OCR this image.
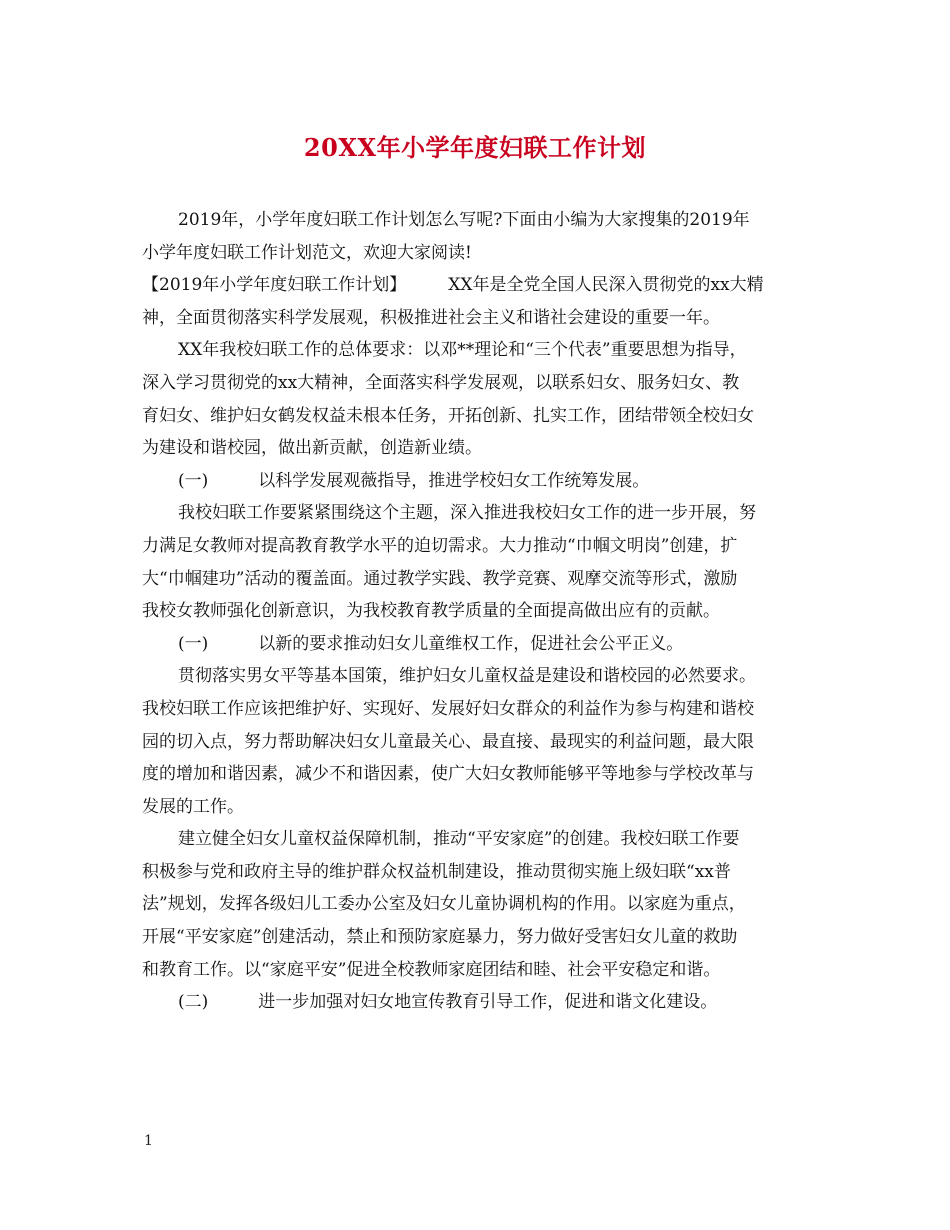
20XX年小学年度妇联工作计划
2019年，小学年度妇联工作计划怎么写呢?下面由小编为大家搜集的2019年
小学年度妇联工作计划范文，欢迎大家阅读!
【2019年小学年度妇联工作计划】 XX年是全党全国人民深入贯彻党的xx大精
神，全面贯彻落实科学发展观，积极推进社会主义和谐社会建设的重要一年。
XX年我校妇联工作的总体要求：以邓**理论和“三个代表”重要思想为指导，
深入学习贯彻党的xx大精神，全面落实科学发展观，以联系妇女、服务妇女、教
育妇女、维护妇女鹤发权益未根本任务，开拓创新、扎实工作，团结带领全校妇女
为建设和谐校园，做出新贡献，创造新业绩。
(一)	以科学发展观薇指导，推进学校妇女工作统筹发展。
我校妇联工作要紧紧围绕这个主题，深入推进我校妇女工作的进一步开展，努
力满足女教师对提高教育教学水平的迫切需求。大力推动“巾帼文明岗”创建，扩
大“巾帼建功”活动的覆盖面。通过教学实践、教学竞赛、观摩交流等形式，激励
我校女教师强化创新意识，为我校教育教学质量的全面提高做出应有的贡献。
(一)	以新的要求推动妇女儿童维权工作，促进社会公平正义。
贯彻落实男女平等基本国策，维护妇女儿童权益是建设和谐校园的必然要求。
我校妇联工作应该把维护好、实现好、发展好妇女群众的利益作为参与构建和谐校
园的切入点，努力帮助解决妇女儿童最关心、最直接、最现实的利益问题，最大限
度的增加和谐因素，减少不和谐因素，使广大妇女教师能够平等地参与学校改革与
发展的工作。
建立健全妇女儿童权益保障机制，推动“平安家庭”的创建。我校妇联工作要
积极参与党和政府主导的维护群众权益机制建设，推动贯彻实施上级妇联“xx普
法”规划，发挥各级妇儿工委办公室及妇女儿童协调机构的作用。以家庭为重点，
开展“平安家庭”创建活动，禁止和预防家庭暴力，努力做好受害妇女儿童的救助
和教育工作。以“家庭平安”促进全校教师家庭团结和睦、社会平安稳定和谐。
(二)	进一步加强对妇女地宣传教育引导工作，促进和谐文化建设。
1
